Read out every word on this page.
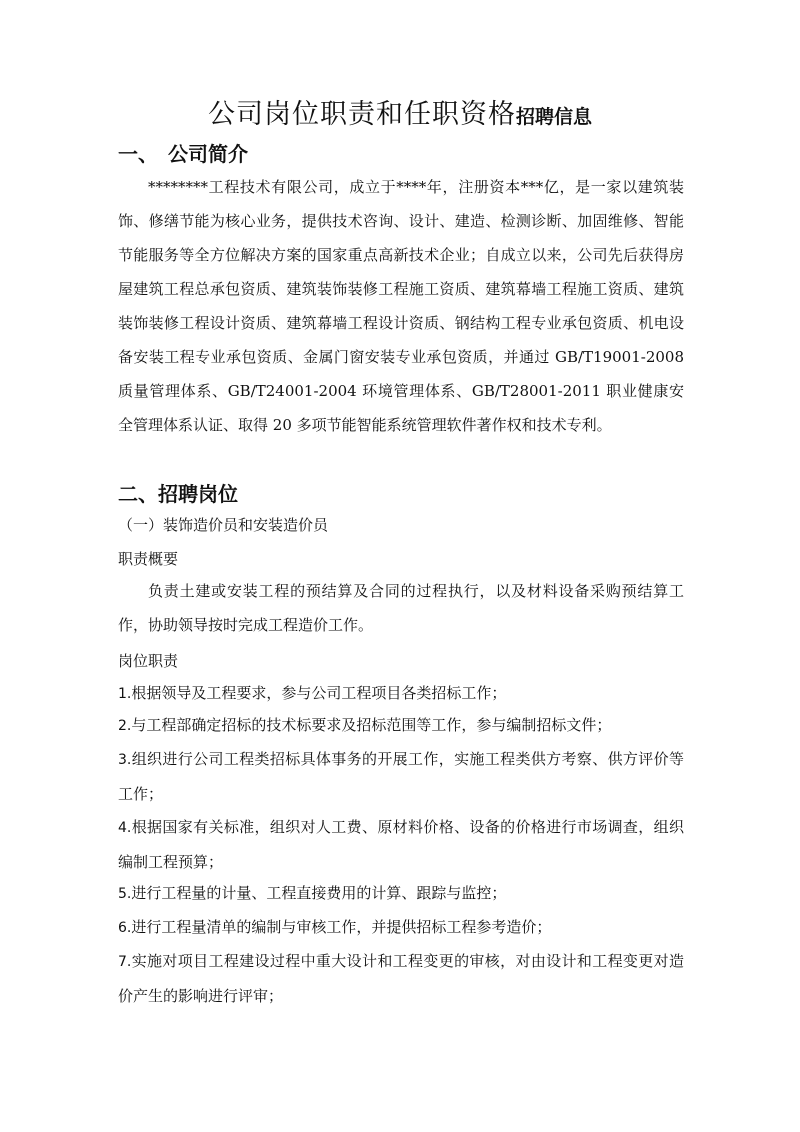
公司岗位职责和任职资格招聘信息
一、 公司简介
********工程技术有限公司，成立于****年，注册资本***亿，是一家以建筑装饰、修缮节能为核心业务，提供技术咨询、设计、建造、检测诊断、加固维修、智能节能服务等全方位解决方案的国家重点高新技术企业；自成立以来，公司先后获得房屋建筑工程总承包资质、建筑装饰装修工程施工资质、建筑幕墙工程施工资质、建筑装饰装修工程设计资质、建筑幕墙工程设计资质、钢结构工程专业承包资质、机电设备安装工程专业承包资质、金属门窗安装专业承包资质，并通过 GB/T19001-2008 质量管理体系、GB/T24001-2004 环境管理体系、GB/T28001-2011 职业健康安全管理体系认证、取得 20 多项节能智能系统管理软件著作权和技术专利。
二、招聘岗位
（一）装饰造价员和安装造价员
职责概要
负责土建或安装工程的预结算及合同的过程执行，以及材料设备采购预结算工作，协助领导按时完成工程造价工作。
岗位职责
1.根据领导及工程要求，参与公司工程项目各类招标工作；
2.与工程部确定招标的技术标要求及招标范围等工作，参与编制招标文件；
3.组织进行公司工程类招标具体事务的开展工作，实施工程类供方考察、供方评价等工作；
4.根据国家有关标准，组织对人工费、原材料价格、设备的价格进行市场调查，组织编制工程预算；
5.进行工程量的计量、工程直接费用的计算、跟踪与监控；
6.进行工程量清单的编制与审核工作，并提供招标工程参考造价；
7.实施对项目工程建设过程中重大设计和工程变更的审核，对由设计和工程变更对造价产生的影响进行评审；
